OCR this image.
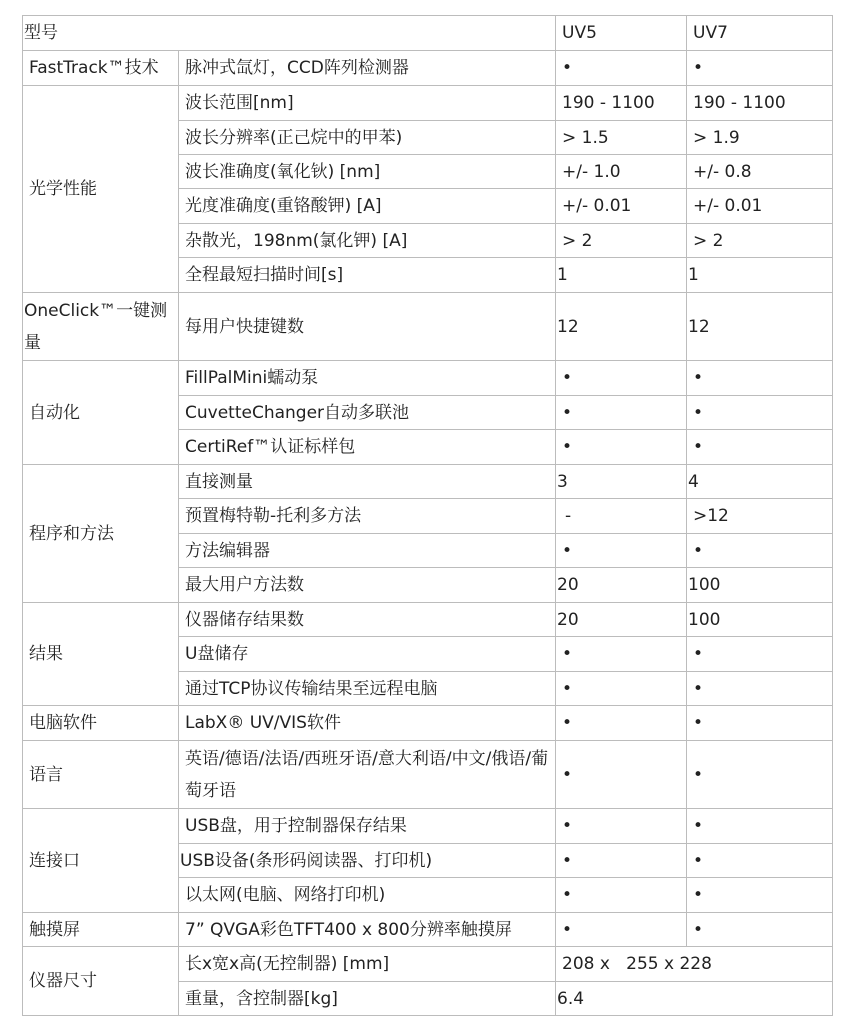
型号		UV5	UV7
FastTrack™技术	脉冲式氙灯，CCD阵列检测器	•	•
光学性能	波长范围[nm]	190 - 1100	190 - 1100
	波长分辨率(正己烷中的甲苯)	> 1.5	> 1.9
	波长准确度(氧化钬) [nm]	+/- 1.0	+/- 0.8
	光度准确度(重铬酸钾) [A]	+/- 0.01	+/- 0.01
	杂散光，198nm(氯化钾) [A]	> 2	> 2
	全程最短扫描时间[s]	1	1
OneClick™一键测量	每用户快捷键数	12	12
自动化	FillPalMini蠕动泵	•	•
	CuvetteChanger自动多联池	•	•
	CertiRef™认证标样包	•	•
程序和方法	直接测量	3	4
	预置梅特勒-托利多方法	-	>12
	方法编辑器	•	•
	最大用户方法数	20	100
结果	仪器储存结果数	20	100
	U盘储存	•	•
	通过TCP协议传输结果至远程电脑	•	•
电脑软件	LabX® UV/VIS软件	•	•
语言	英语/德语/法语/西班牙语/意大利语/中文/俄语/葡萄牙语	•	•
连接口	USB盘，用于控制器保存结果	•	•
	USB设备(条形码阅读器、打印机)	•	•
	以太网(电脑、网络打印机)	•	•
触摸屏	7” QVGA彩色TFT400 x 800分辨率触摸屏	•	•
仪器尺寸	长x宽x高(无控制器) [mm]	208 x   255 x 228	
	重量，含控制器[kg]	6.4	
